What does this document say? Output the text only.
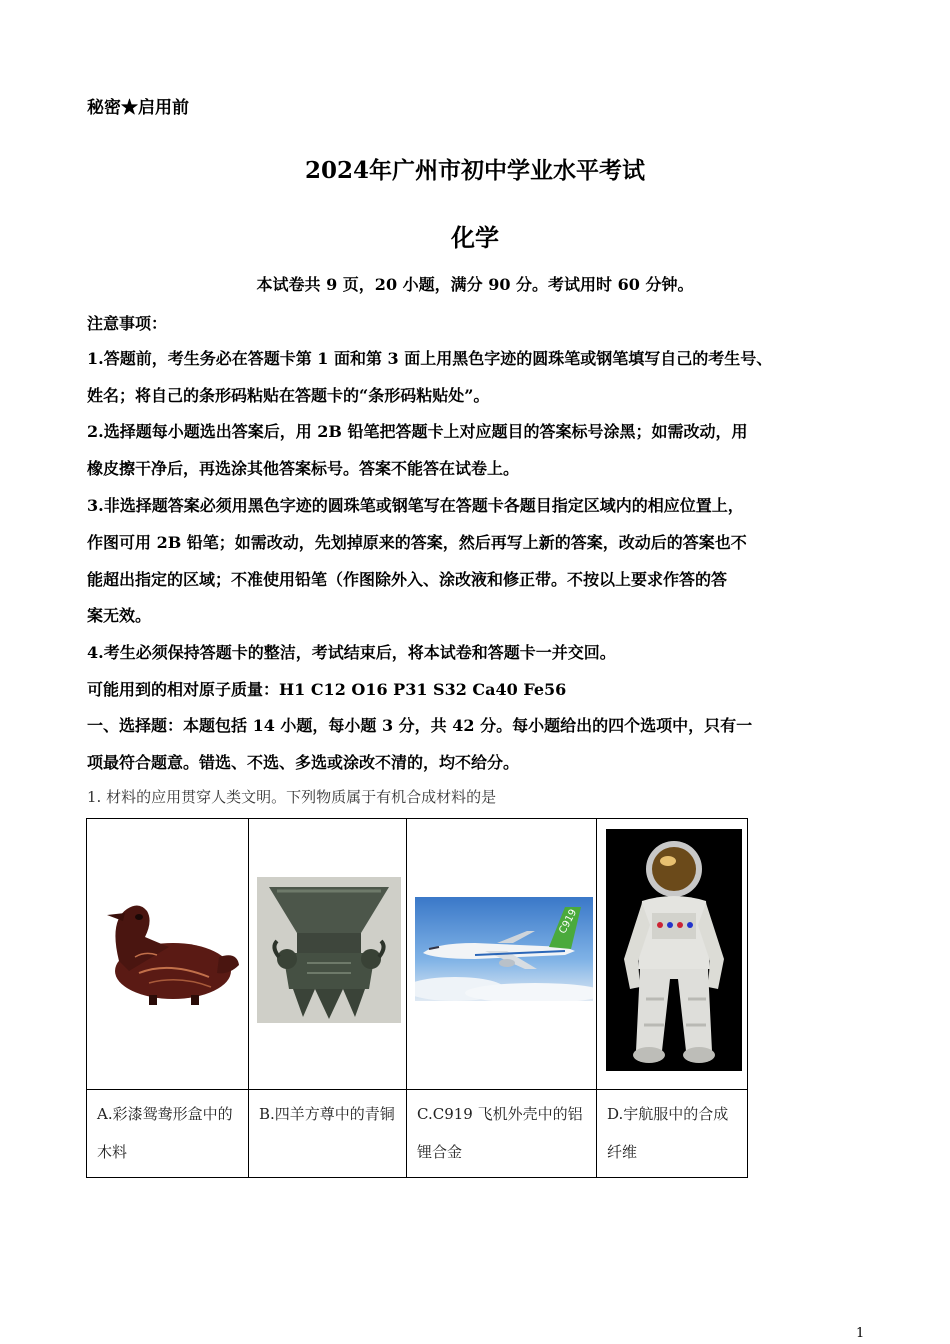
秘密★启用前
2024年广州市初中学业水平考试
化学
本试卷共 9 页，20 小题，满分 90 分。考试用时 60 分钟。
注意事项：
1.答题前，考生务必在答题卡第 1 面和第 3 面上用黑色字迹的圆珠笔或钢笔填写自己的考生号、
姓名；将自己的条形码粘贴在答题卡的“条形码粘贴处”。
2.选择题每小题选出答案后，用 2B 铅笔把答题卡上对应题目的答案标号涂黑；如需改动，用
橡皮擦干净后，再选涂其他答案标号。答案不能答在试卷上。
3.非选择题答案必须用黑色字迹的圆珠笔或钢笔写在答题卡各题目指定区域内的相应位置上，
作图可用 2B 铅笔；如需改动，先划掉原来的答案，然后再写上新的答案，改动后的答案也不
能超出指定的区域；不准使用铅笔（作图除外入、涂改液和修正带。不按以上要求作答的答
案无效。
4.考生必须保持答题卡的整洁，考试结束后，将本试卷和答题卡一并交回。
可能用到的相对原子质量：H1 C12 O16 P31 S32 Ca40 Fe56
一、选择题：本题包括 14 小题，每小题 3 分，共 42 分。每小题给出的四个选项中，只有一
项最符合题意。错选、不选、多选或涂改不清的，均不给分。
1. 材料的应用贯穿人类文明。下列物质属于有机合成材料的是

C919

A.彩漆鸳鸯形盒中的木料	B.四羊方尊中的青铜	C.C919 飞机外壳中的铝锂合金	D.宇航服中的合成纤维
1
